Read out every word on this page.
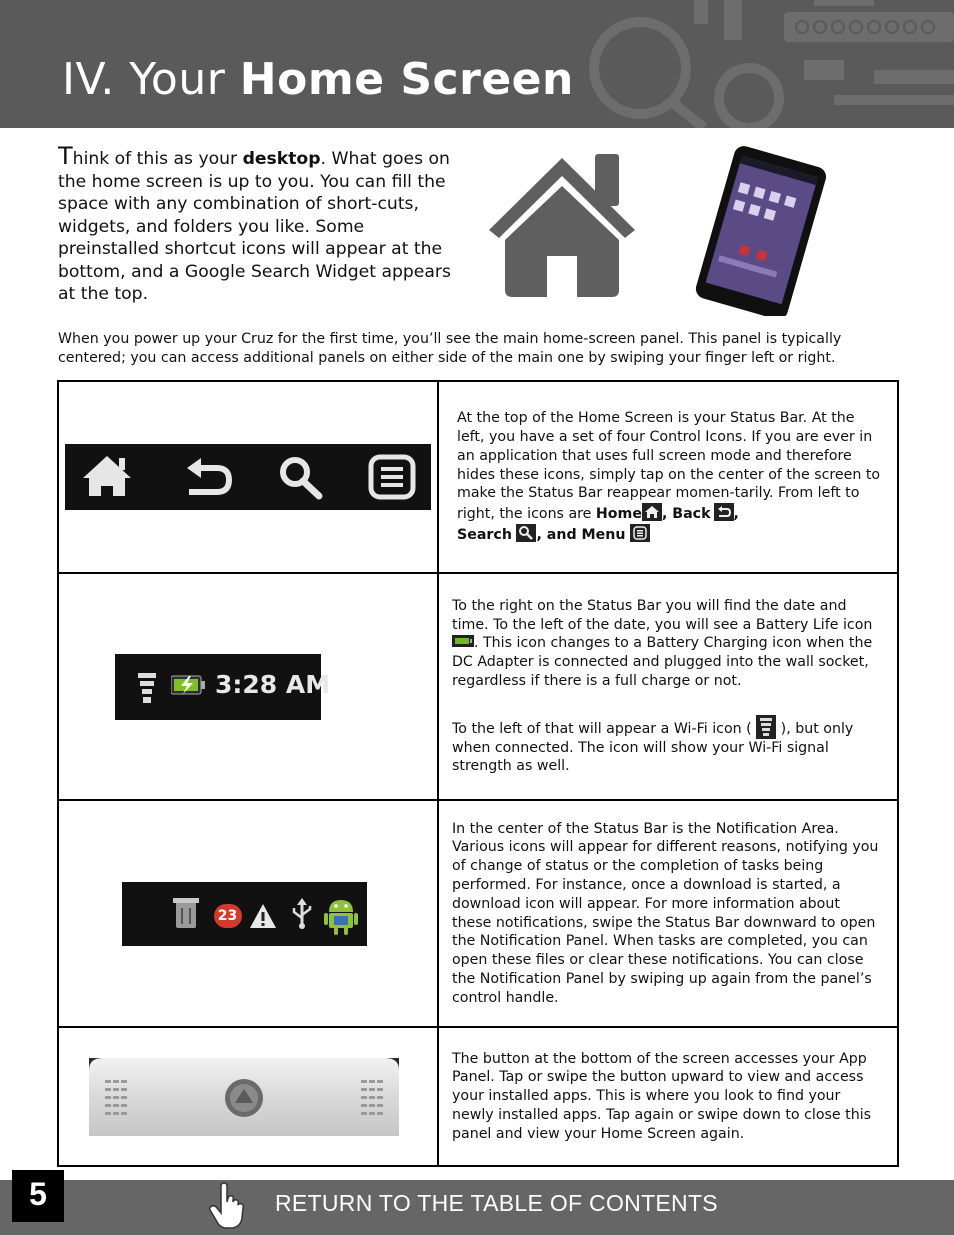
IV. Your Home Screen
Think of this as your desktop. What goes on the home screen is up to you. You can fill the space with any combination of short-cuts, widgets, and folders you like. Some preinstalled shortcut icons will appear at the bottom, and a Google Search Widget appears at the top.
When you power up your Cruz for the first time, you’ll see the main home-screen panel. This panel is typically centered; you can access additional panels on either side of the main one by swiping your finger left or right.

At the top of the Home Screen is your Status Bar. At the left, you have a set of four Control Icons. If you are ever in an application that uses full screen mode and therefore hides these icons, simply tap on the center of the screen to make the Status Bar reappear momen-tarily. From left to right, the icons are Home , Back ,
Search , and Menu

3:28 AM	To the right on the Status Bar you will find the date and time. To the left of the date, you will see a Battery Life icon . This icon changes to a Battery Charging icon when the DC Adapter is connected and plugged into the wall socket, regardless if there is a full charge or not.

To the left of that will appear a Wi-Fi icon (  ), but only when connected. The icon will show your Wi-Fi signal strength as well.

23	In the center of the Status Bar is the Notification Area. Various icons will appear for different reasons, notifying you of change of status or the completion of tasks being performed. For instance, once a download is started, a download icon will appear. For more information about these notifications, swipe the Status Bar downward to open the Notification Panel. When tasks are completed, you can open these files or clear these notifications. You can close the Notification Panel by swiping up again from the panel’s control handle.

The button at the bottom of the screen accesses your App Panel. Tap or swipe the button upward to view and access your installed apps. This is where you look to find your newly installed apps. Tap again or swipe down to close this panel and view your Home Screen again.

5	RETURN TO THE TABLE OF CONTENTS
